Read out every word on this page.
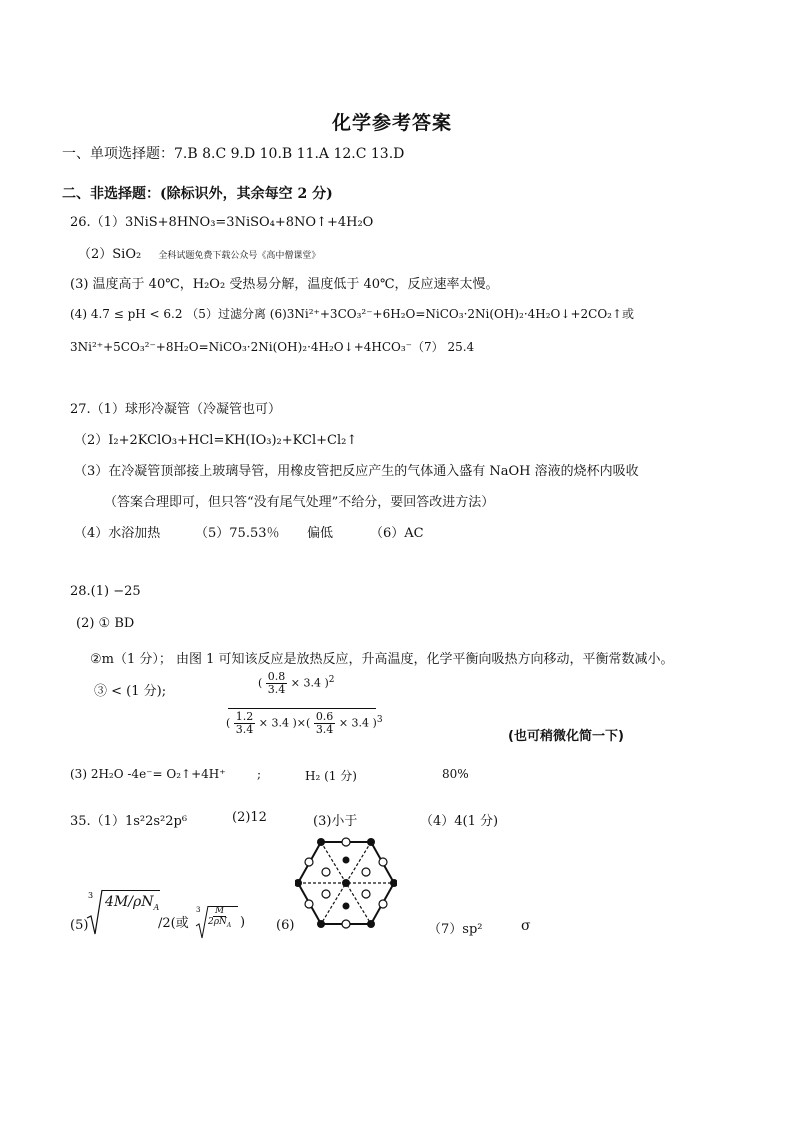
化学参考答案
一、单项选择题：7.B 8.C 9.D 10.B 11.A 12.C 13.D
二、非选择题：(除标识外，其余每空 2 分)
26.（1）3NiS+8HNO₃=3NiSO₄+8NO↑+4H₂O
（2）SiO₂ 全科试题免费下载公众号《高中僧课堂》
(3) 温度高于 40℃，H₂O₂ 受热易分解，温度低于 40℃，反应速率太慢。
(4) 4.7 ≤ pH < 6.2 （5）过滤分离 (6)3Ni²⁺+3CO₃²⁻+6H₂O=NiCO₃·2Ni(OH)₂·4H₂O↓+2CO₂↑或
3Ni²⁺+5CO₃²⁻+8H₂O=NiCO₃·2Ni(OH)₂·4H₂O↓+4HCO₃⁻（7） 25.4
27.（1）球形冷凝管（冷凝管也可）
（2）I₂+2KClO₃+HCl=KH(IO₃)₂+KCl+Cl₂↑
（3）在冷凝管顶部接上玻璃导管，用橡皮管把反应产生的气体通入盛有 NaOH 溶液的烧杯内吸收
（答案合理即可，但只答“没有尾气处理”不给分，要回答改进方法）
（4）水浴加热	（5）75.53％ 偏低	（6）AC
28.(1) −25
(2) ① BD
②m（1 分）； 由图 1 可知该反应是放热反应，升高温度，化学平衡向吸热方向移动，平衡常数减小。
③ < (1 分);
( $\frac{0.8}{3.4} \times 3.4$ )$^2$
( $\frac{1.2}{3.4} \times 3.4$ )×( $\frac{0.6}{3.4} \times 3.4$ )$^3$
(也可稍微化简一下)
(3) 2H₂O -4e⁻= O₂↑+4H⁺	;	H₂ (1 分)	80%
35.（1）1s²2s²2p⁶	(2)12	(3)小于	（4）4(1 分)
(5)
3 $4M/\rho N_A$
/2(或
$3 \frac{M}{2\rho N_A}$ ) (6)	（7）sp²	σ
